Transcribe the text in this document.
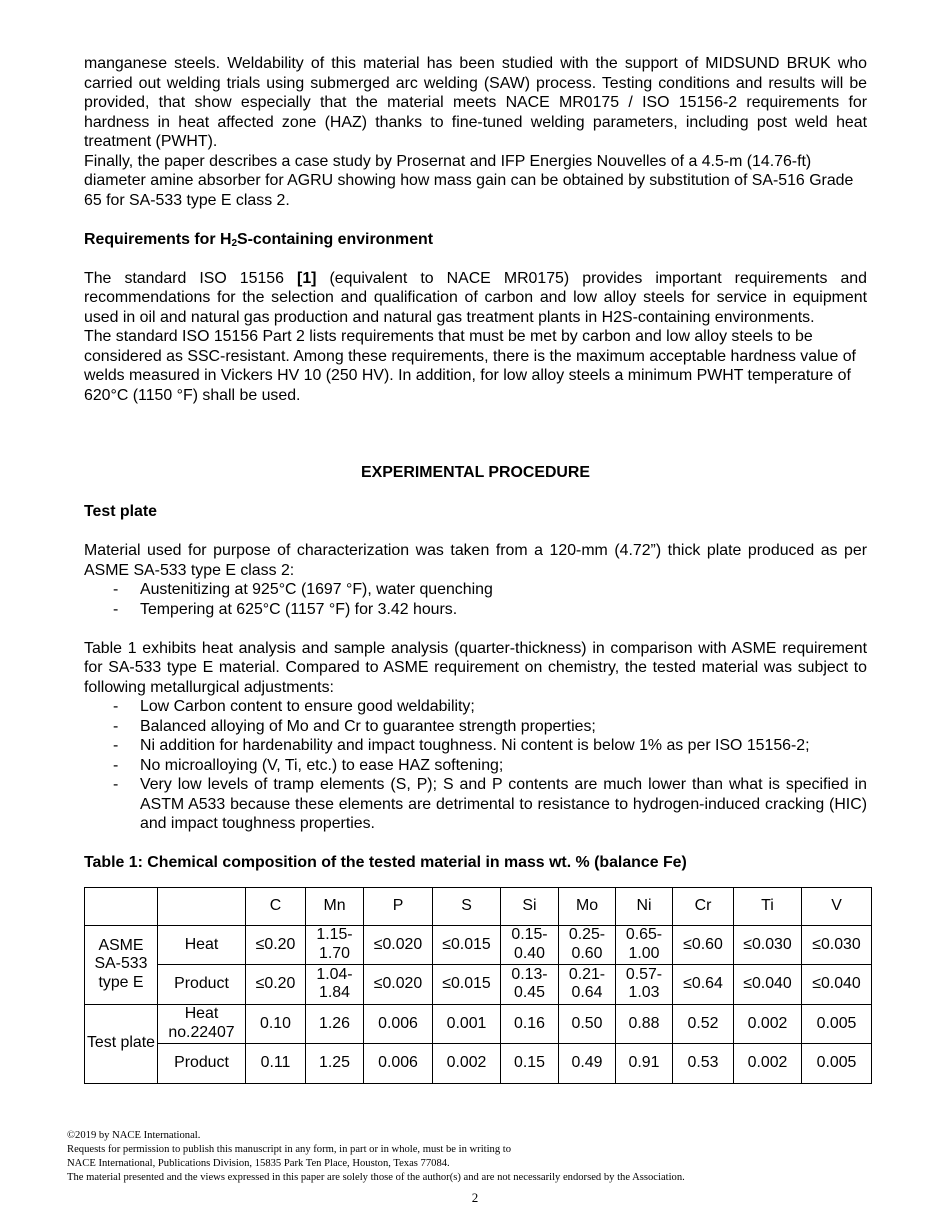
manganese steels. Weldability of this material has been studied with the support of MIDSUND BRUK who carried out welding trials using submerged arc welding (SAW) process. Testing conditions and results will be provided, that show especially that the material meets NACE MR0175 / ISO 15156-2 requirements for hardness in heat affected zone (HAZ) thanks to fine-tuned welding parameters, including post weld heat treatment (PWHT).

Finally, the paper describes a case study by Prosernat and IFP Energies Nouvelles of a 4.5-m (14.76-ft) diameter amine absorber for AGRU showing how mass gain can be obtained by substitution of SA-516 Grade 65 for SA-533 type E class 2.

Requirements for $H_2S$-containing environment

The standard ISO 15156 [1] (equivalent to NACE MR0175) provides important requirements and recommendations for the selection and qualification of carbon and low alloy steels for service in equipment used in oil and natural gas production and natural gas treatment plants in H2S-containing environments.

The standard ISO 15156 Part 2 lists requirements that must be met by carbon and low alloy steels to be considered as SSC-resistant. Among these requirements, there is the maximum acceptable hardness value of welds measured in Vickers HV 10 (250 HV). In addition, for low alloy steels a minimum PWHT temperature of 620°C (1150 °F) shall be used.

EXPERIMENTAL PROCEDURE
Test plate

Material used for purpose of characterization was taken from a 120-mm (4.72”) thick plate produced as per ASME SA-533 type E class 2:

- Austenitizing at 925°C (1697 °F), water quenching
- Tempering at 625°C (1157 °F) for 3.42 hours.

Table 1 exhibits heat analysis and sample analysis (quarter-thickness) in comparison with ASME requirement for SA-533 type E material. Compared to ASME requirement on chemistry, the tested material was subject to following metallurgical adjustments:

- Low Carbon content to ensure good weldability;
- Balanced alloying of Mo and Cr to guarantee strength properties;
- Ni addition for hardenability and impact toughness. Ni content is below 1% as per ISO 15156-2;
- No microalloying (V, Ti, etc.) to ease HAZ softening;
- Very low levels of tramp elements (S, P); S and P contents are much lower than what is specified in ASTM A533 because these elements are detrimental to resistance to hydrogen-induced cracking (HIC) and impact toughness properties.
Table 1: Chemical composition of the tested material in mass wt. % (balance Fe)
		C	Mn	P	S	Si	Mo	Ni	Cr	Ti	V
ASME SA-533 type E	Heat	≤0.20	1.15-1.70	≤0.020	≤0.015	0.15-0.40	0.25-0.60	0.65-1.00	≤0.60	≤0.030	≤0.030
	Product	≤0.20	1.04-1.84	≤0.020	≤0.015	0.13-0.45	0.21-0.64	0.57-1.03	≤0.64	≤0.040	≤0.040
Test plate	Heat no.22407	0.10	1.26	0.006	0.001	0.16	0.50	0.88	0.52	0.002	0.005
	Product	0.11	1.25	0.006	0.002	0.15	0.49	0.91	0.53	0.002	0.005
©2019 by NACE International.
Requests for permission to publish this manuscript in any form, in part or in whole, must be in writing to
NACE International, Publications Division, 15835 Park Ten Place, Houston, Texas 77084.
The material presented and the views expressed in this paper are solely those of the author(s) and are not necessarily endorsed by the Association.
2
